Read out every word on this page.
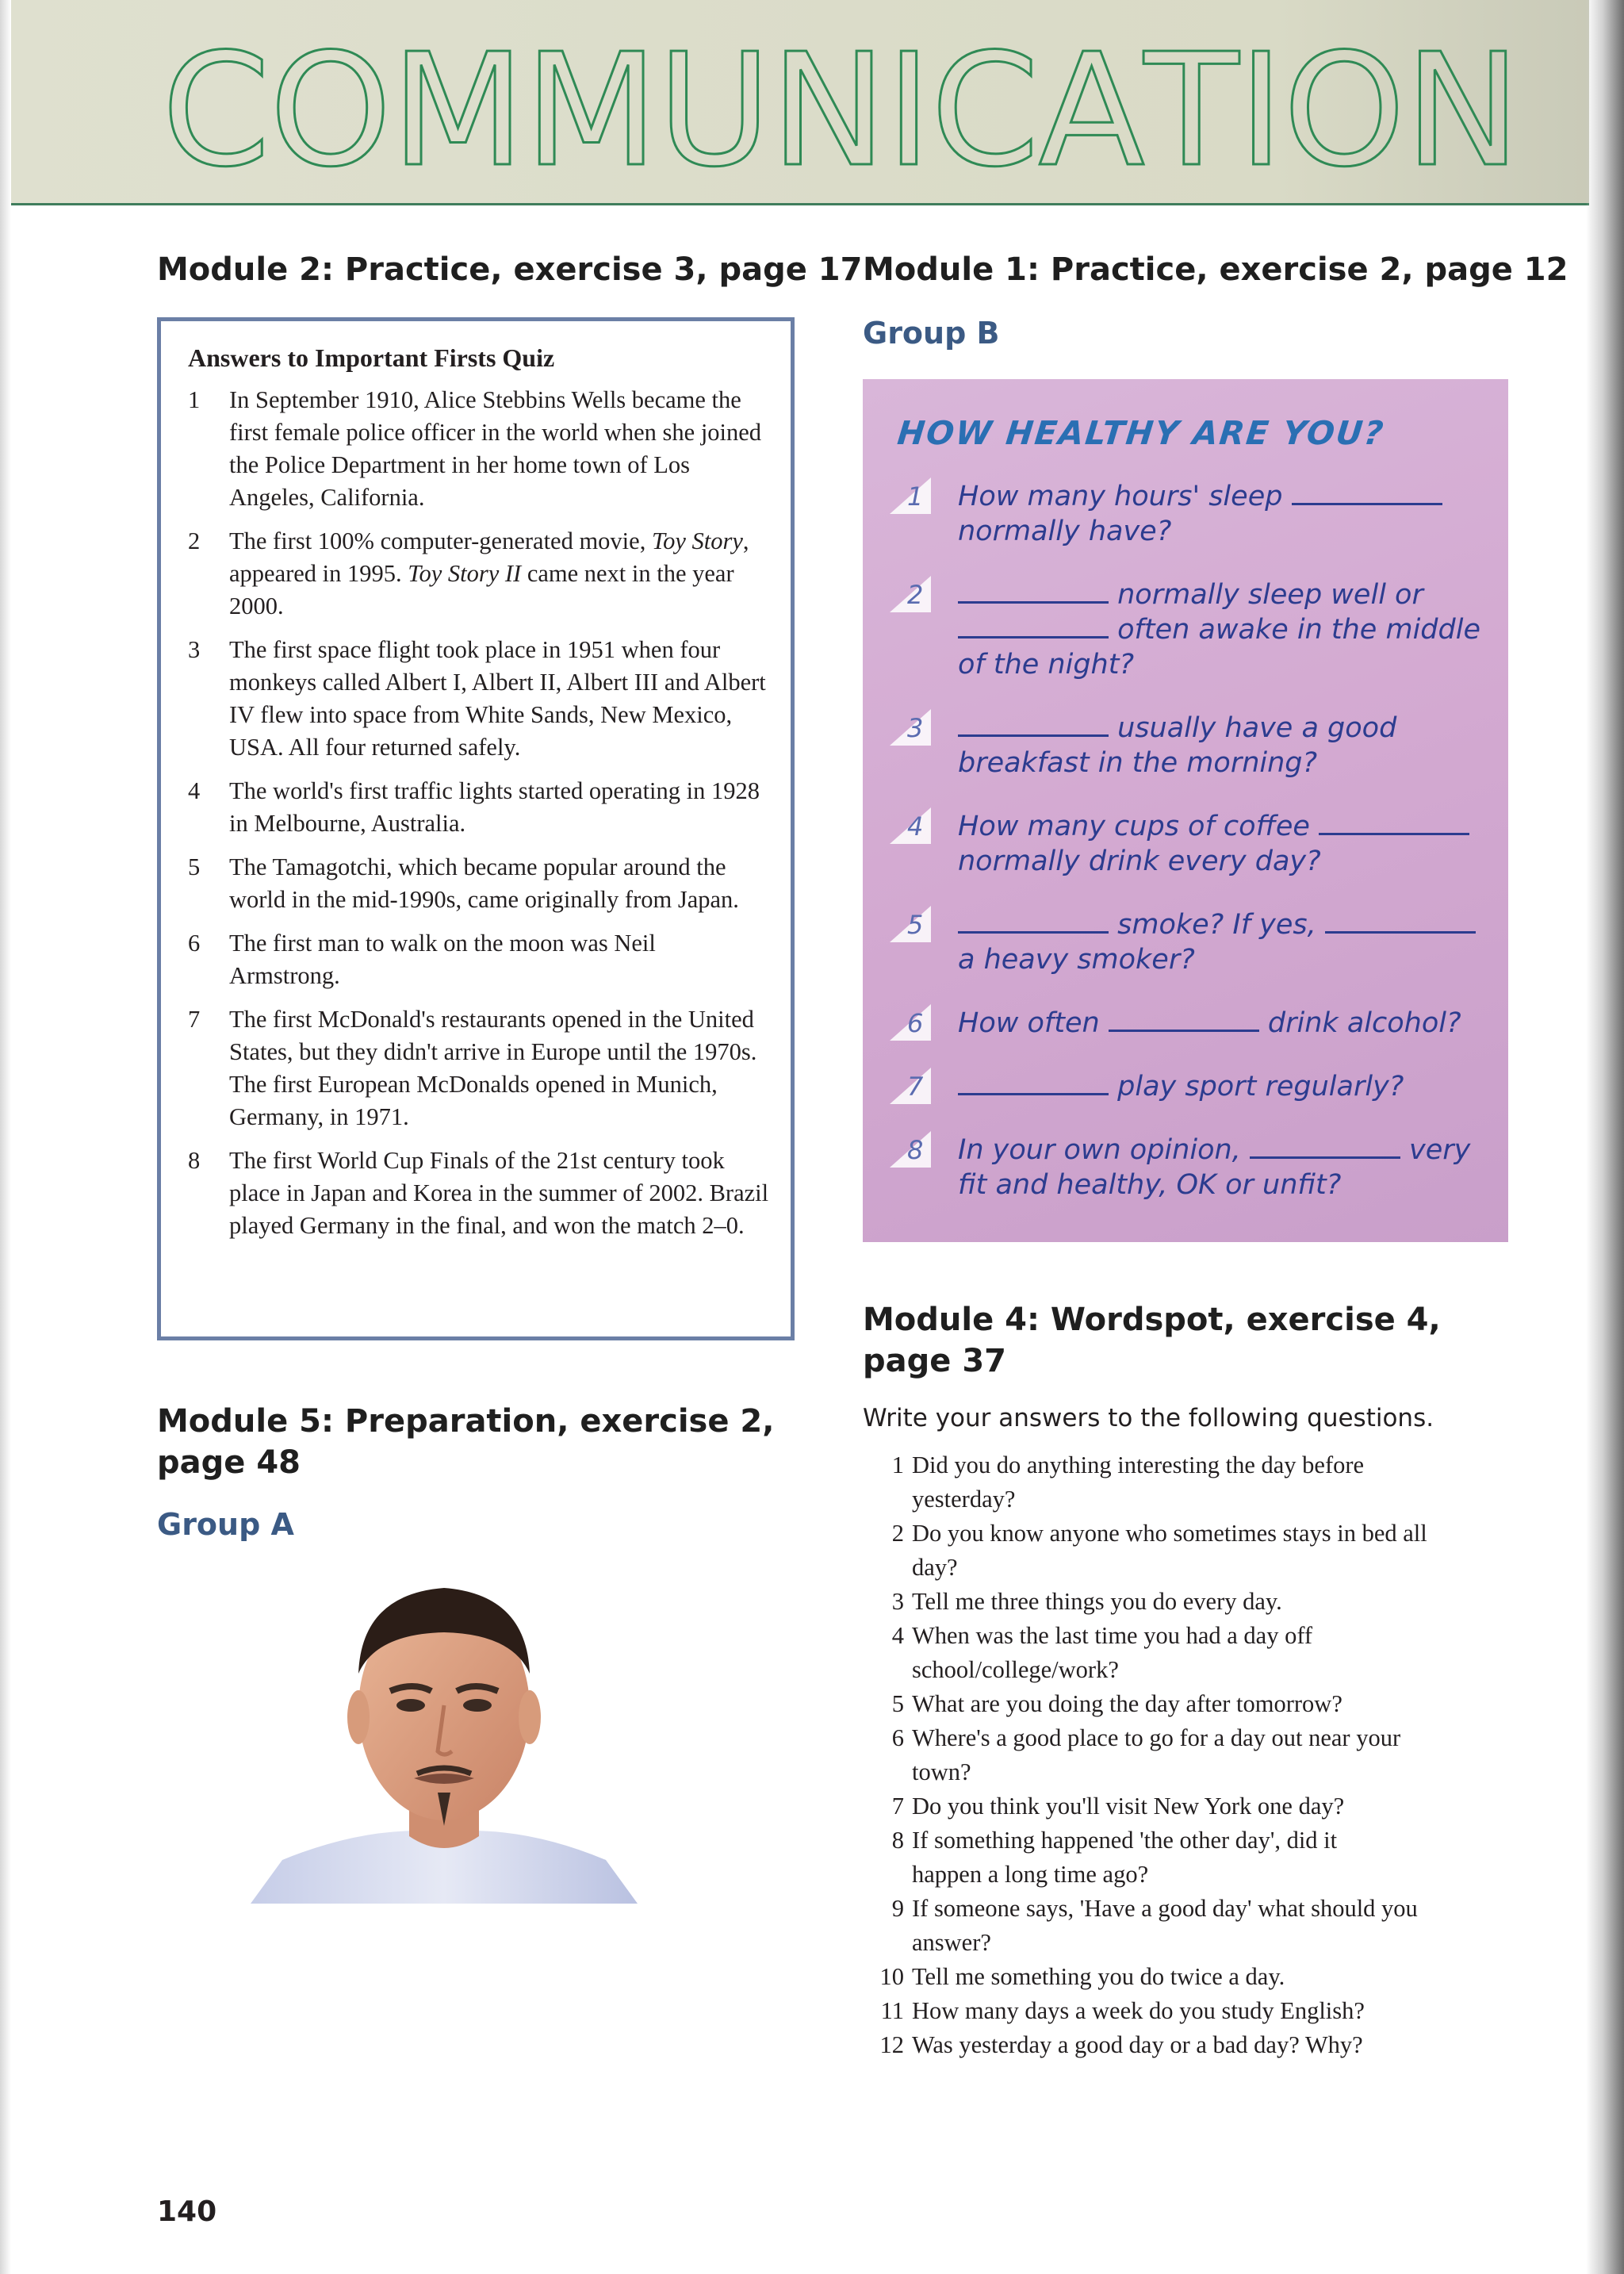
C O M M U N I C A T I O N
Module 2: Practice, exercise 3, page 17

Answers to Important Firsts Quiz

1	In September 1910, Alice Stebbins Wells became the first female police officer in the world when she joined the Police Department in her home town of Los Angeles, California.
2	The first 100% computer-generated movie, Toy Story, appeared in 1995. Toy Story II came next in the year 2000.
3	The first space flight took place in 1951 when four monkeys called Albert I, Albert II, Albert III and Albert IV flew into space from White Sands, New Mexico, USA. All four returned safely.
4	The world's first traffic lights started operating in 1928 in Melbourne, Australia.
5	The Tamagotchi, which became popular around the world in the mid-1990s, came originally from Japan.
6	The first man to walk on the moon was Neil Armstrong.
7	The first McDonald's restaurants opened in the United States, but they didn't arrive in Europe until the 1970s. The first European McDonalds opened in Munich, Germany, in 1971.
8	The first World Cup Finals of the 21st century took place in Japan and Korea in the summer of 2002. Brazil played Germany in the final, and won the match 2–0.
Module 5: Preparation, exercise 2,
page 48

Group A

Module 1: Practice, exercise 2, page 12

Group B

HOW HEALTHY ARE YOU?
1 How many hours' sleep
normally have?
2	normally sleep well or
often awake in the middle
of the night?
3	usually have a good
breakfast in the morning?
4 How many cups of coffee
normally drink every day?
5	smoke? If yes,
a heavy smoker?
6 How often	drink alcohol?
7	play sport regularly?
8 In your own opinion,	very
fit and healthy, OK or unfit?
Module 4: Wordspot, exercise 4,
page 37

Write your answers to the following questions.

1 Did you do anything interesting the day before
yesterday?
2 Do you know anyone who sometimes stays in bed all
day?
3 Tell me three things you do every day.
4 When was the last time you had a day off
school/college/work?
5 What are you doing the day after tomorrow?
6 Where's a good place to go for a day out near your
town?
7 Do you think you'll visit New York one day?
8 If something happened 'the other day', did it
happen a long time ago?
9 If someone says, 'Have a good day' what should you
answer?
10 Tell me something you do twice a day.
11 How many days a week do you study English?
12 Was yesterday a good day or a bad day? Why?

140
